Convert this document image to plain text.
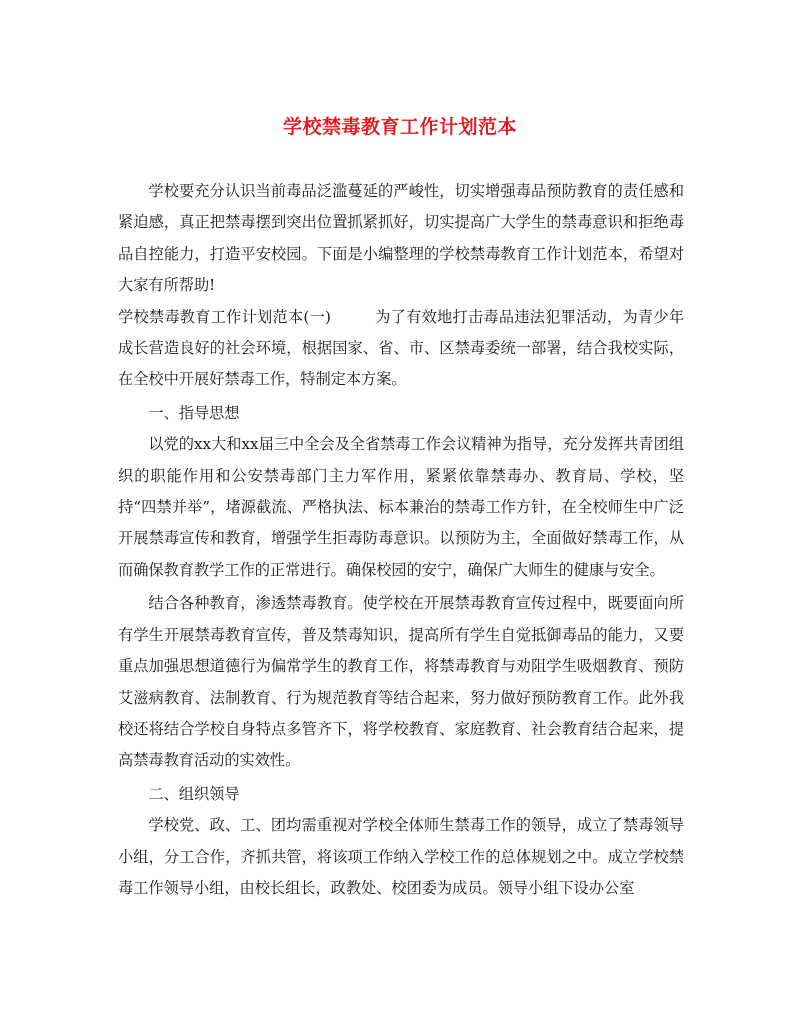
学校禁毒教育工作计划范本

学校要充分认识当前毒品泛滥蔓延的严峻性，切实增强毒品预防教育的责任感和紧迫感，真正把禁毒摆到突出位置抓紧抓好，切实提高广大学生的禁毒意识和拒绝毒品自控能力，打造平安校园。下面是小编整理的学校禁毒教育工作计划范本，希望对大家有所帮助!

学校禁毒教育工作计划范本(一)	为了有效地打击毒品违法犯罪活动，为青少年成长营造良好的社会环境，根据国家、省、市、区禁毒委统一部署，结合我校实际，在全校中开展好禁毒工作，特制定本方案。

一、指导思想

以党的xx大和xx届三中全会及全省禁毒工作会议精神为指导，充分发挥共青团组织的职能作用和公安禁毒部门主力军作用，紧紧依靠禁毒办、教育局、学校，坚持“四禁并举”，堵源截流、严格执法、标本兼治的禁毒工作方针，在全校师生中广泛开展禁毒宣传和教育，增强学生拒毒防毒意识。以预防为主，全面做好禁毒工作，从而确保教育教学工作的正常进行。确保校园的安宁，确保广大师生的健康与安全。

结合各种教育，渗透禁毒教育。使学校在开展禁毒教育宣传过程中，既要面向所有学生开展禁毒教育宣传，普及禁毒知识，提高所有学生自觉抵御毒品的能力，又要重点加强思想道德行为偏常学生的教育工作，将禁毒教育与劝阻学生吸烟教育、预防艾滋病教育、法制教育、行为规范教育等结合起来，努力做好预防教育工作。此外我校还将结合学校自身特点多管齐下，将学校教育、家庭教育、社会教育结合起来，提高禁毒教育活动的实效性。

二、组织领导

学校党、政、工、团均需重视对学校全体师生禁毒工作的领导，成立了禁毒领导小组，分工合作，齐抓共管，将该项工作纳入学校工作的总体规划之中。成立学校禁毒工作领导小组，由校长组长，政教处、校团委为成员。领导小组下设办公室
